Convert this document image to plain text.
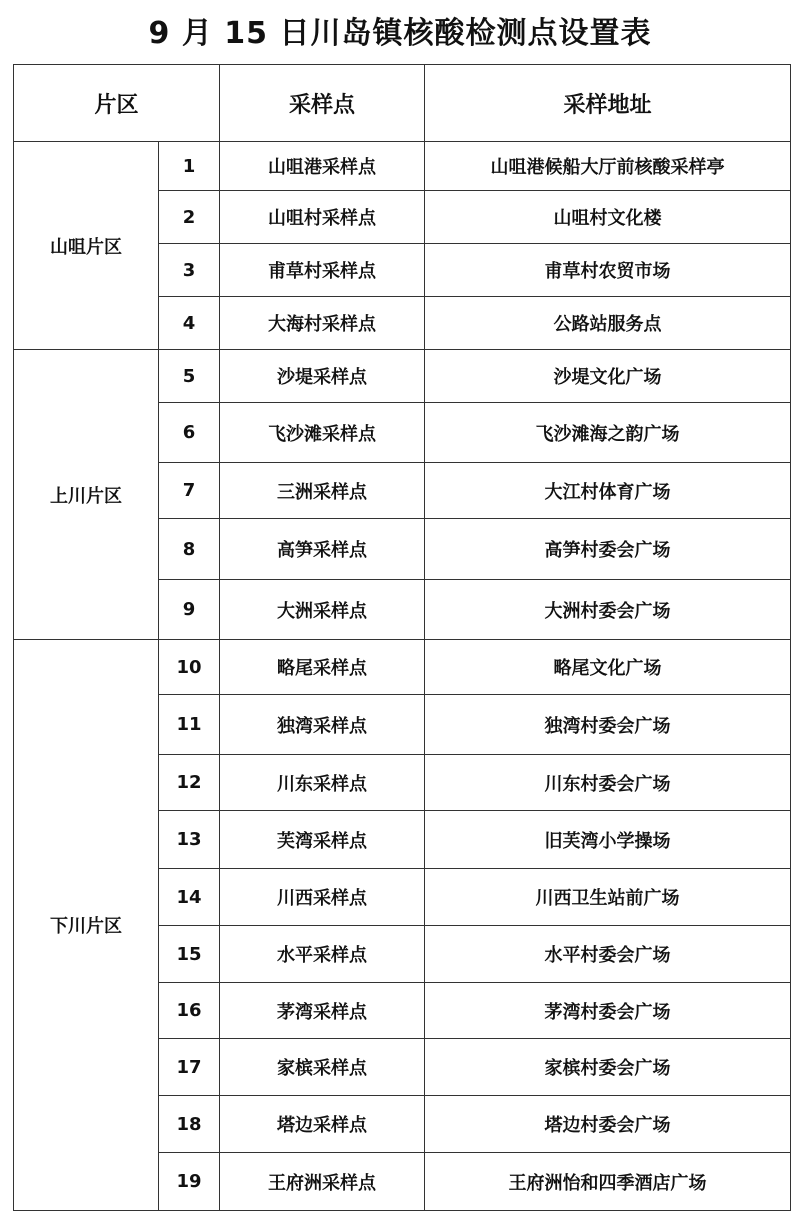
9 月 15 日川岛镇核酸检测点设置表
片区		采样点	采样地址
山咀片区	1	山咀港采样点	山咀港候船大厅前核酸采样亭
	2	山咀村采样点	山咀村文化楼
	3	甫草村采样点	甫草村农贸市场
	4	大海村采样点	公路站服务点
上川片区	5	沙堤采样点	沙堤文化广场
	6	飞沙滩采样点	飞沙滩海之韵广场
	7	三洲采样点	大江村体育广场
	8	高笋采样点	高笋村委会广场
	9	大洲采样点	大洲村委会广场
下川片区	10	略尾采样点	略尾文化广场
	11	独湾采样点	独湾村委会广场
	12	川东采样点	川东村委会广场
	13	芙湾采样点	旧芙湾小学操场
	14	川西采样点	川西卫生站前广场
	15	水平采样点	水平村委会广场
	16	茅湾采样点	茅湾村委会广场
	17	家槟采样点	家槟村委会广场
	18	塔边采样点	塔边村委会广场
	19	王府洲采样点	王府洲怡和四季酒店广场
